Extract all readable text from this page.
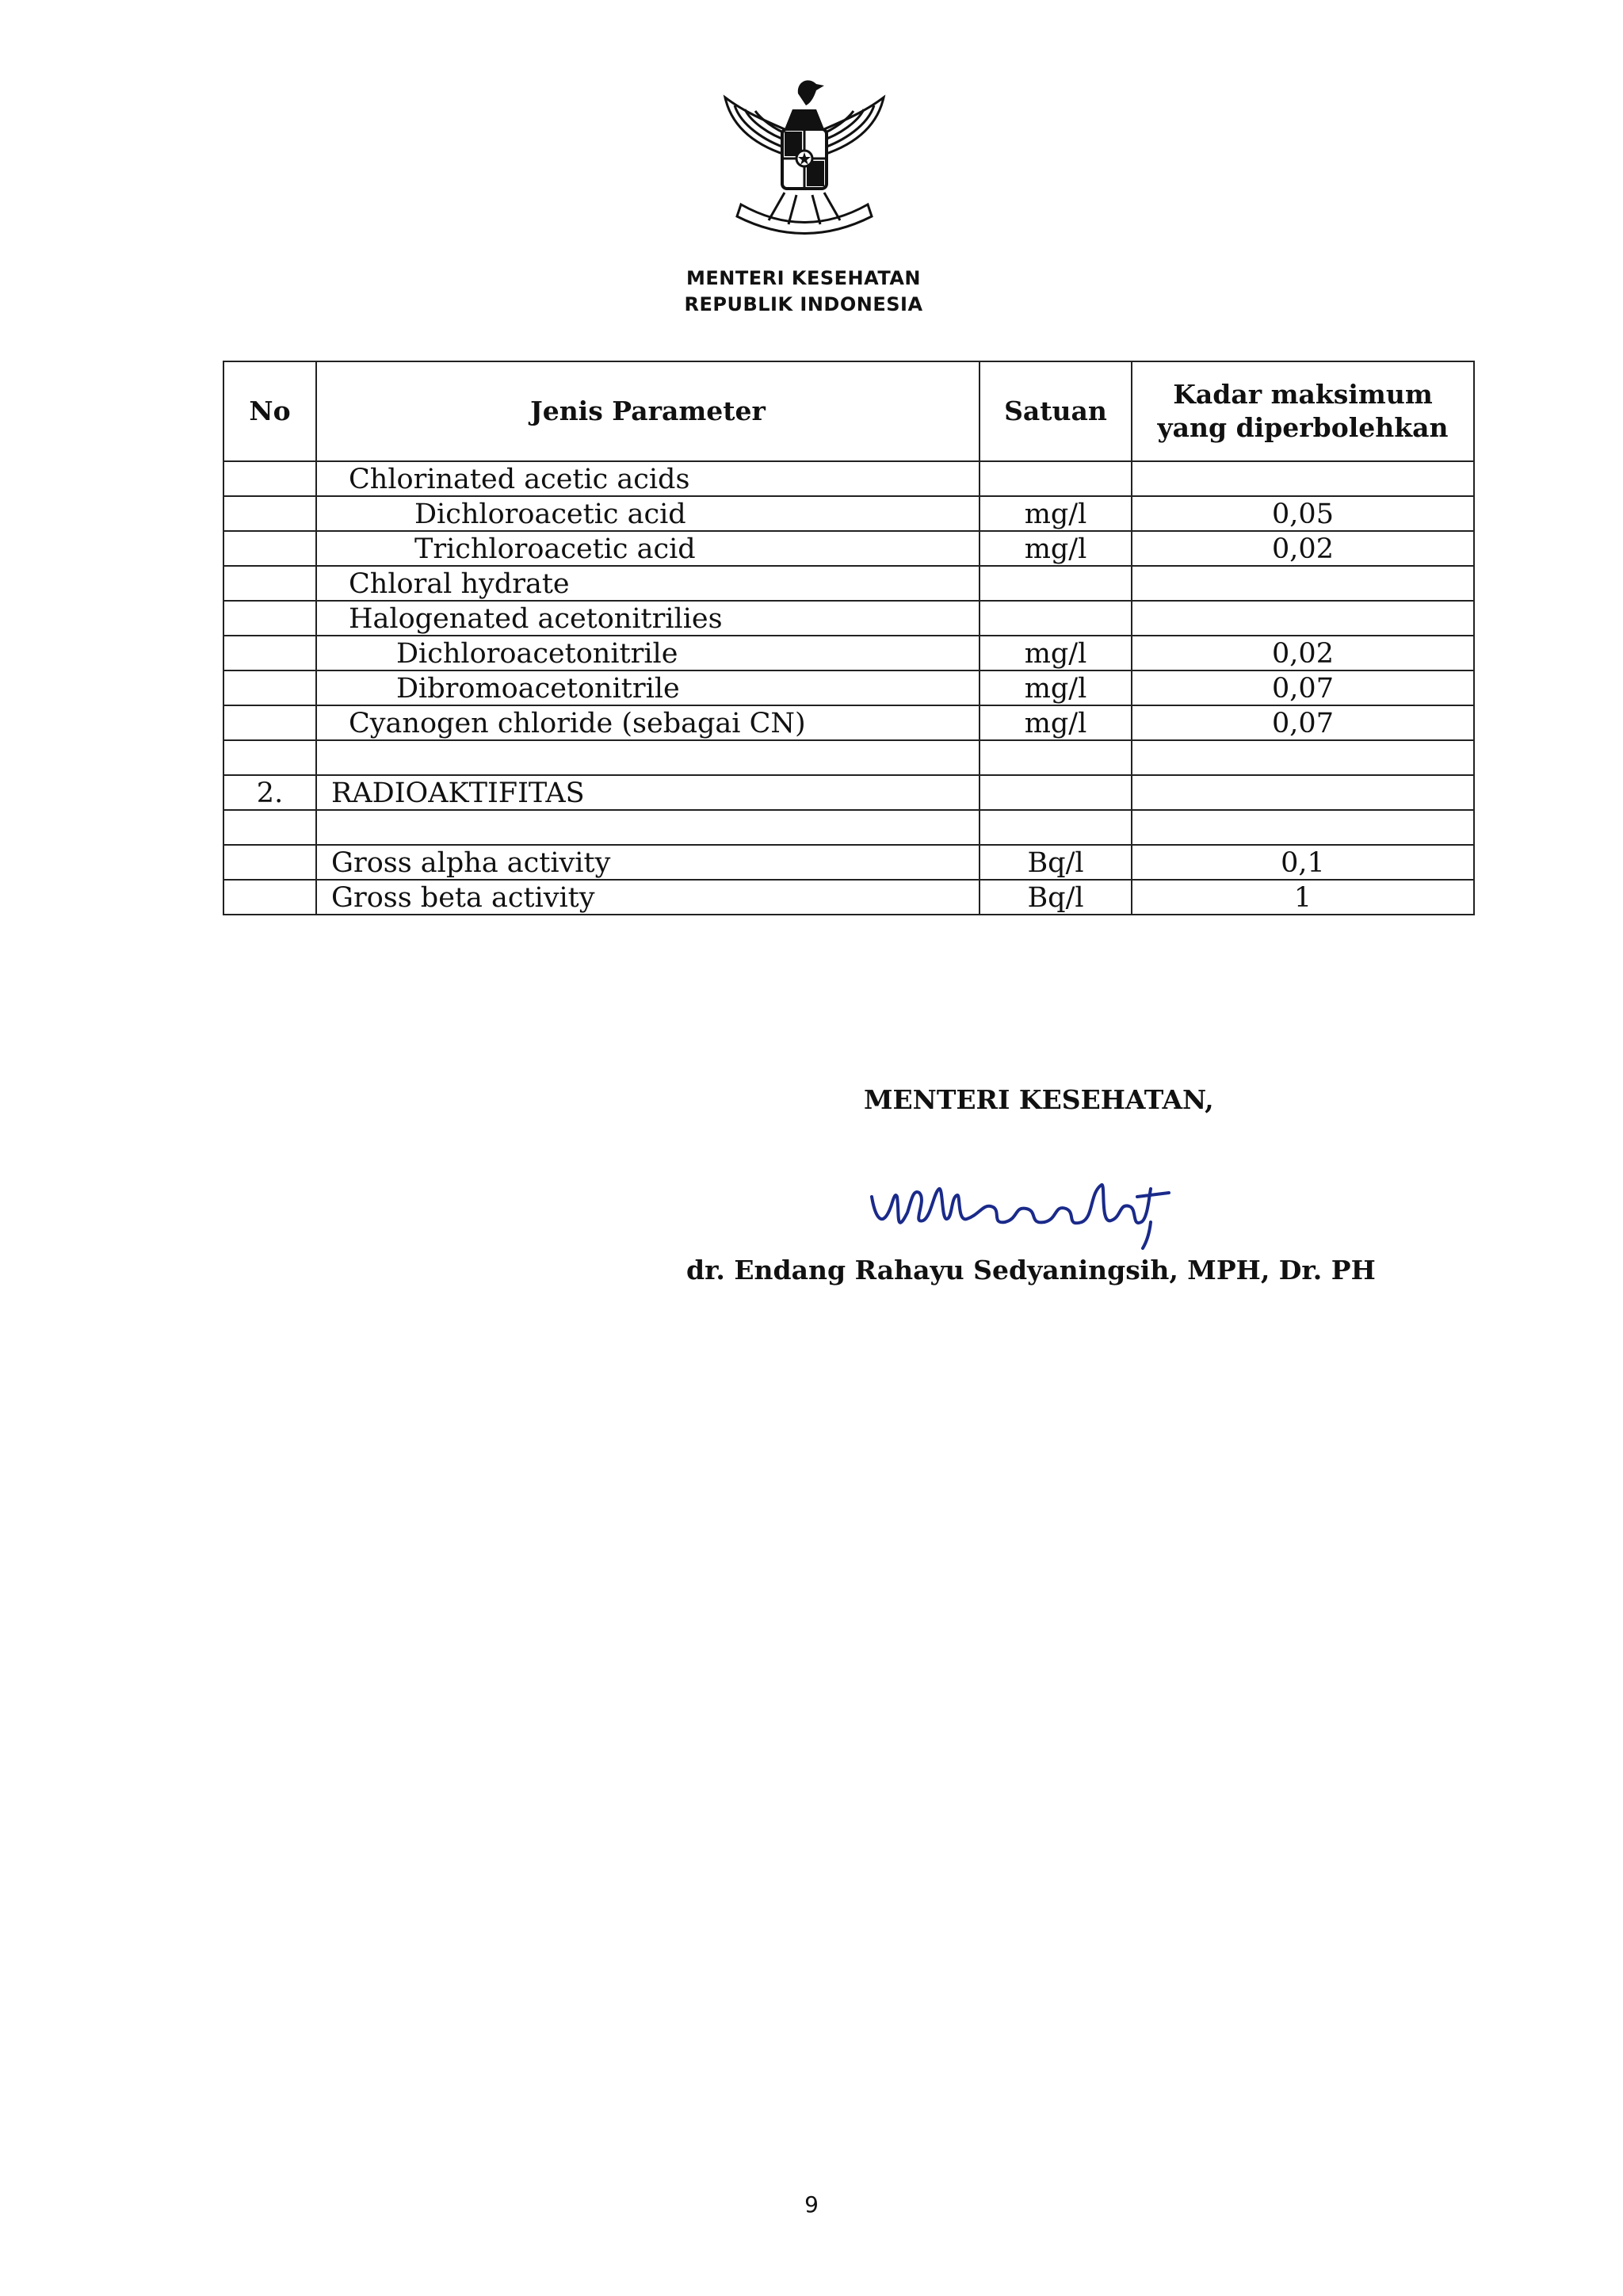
MENTERI KESEHATAN
REPUBLIK INDONESIA
No	Jenis Parameter	Satuan	Kadar maksimum
yang diperbolehkan

	Chlorinated acetic acids		
	Dichloroacetic acid	mg/l	0,05
	Trichloroacetic acid	mg/l	0,02
	Chloral hydrate		
	Halogenated acetonitrilies		
	Dichloroacetonitrile	mg/l	0,02
	Dibromoacetonitrile	mg/l	0,07
	Cyanogen chloride (sebagai CN)	mg/l	0,07

2.	RADIOAKTIFITAS		

	Gross alpha activity	Bq/l	0,1
	Gross beta activity	Bq/l	1
MENTERI KESEHATAN,
dr. Endang Rahayu Sedyaningsih, MPH, Dr. PH
9
